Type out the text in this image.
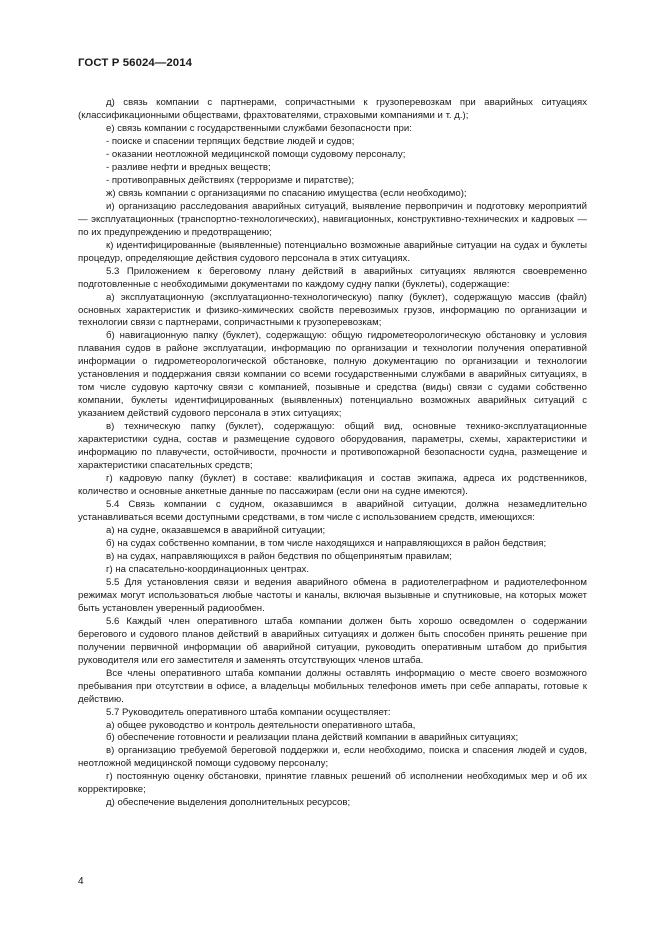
ГОСТ Р 56024—2014

д) связь компании с партнерами, сопричастными к грузоперевозкам при аварийных ситуациях (классификационными обществами, фрахтователями, страховыми компаниями и т. д.);

е) связь компании с государственными службами безопасности при:

- поиске и спасении терпящих бедствие людей и судов;

- оказании неотложной медицинской помощи судовому персоналу;

- разливе нефти и вредных веществ;

- противоправных действиях (терроризме и пиратстве);

ж) связь компании с организациями по спасанию имущества (если необходимо);

и) организацию расследования аварийных ситуаций, выявление первопричин и подготовку мероприятий — эксплуатационных (транспортно-технологических), навигационных, конструктивно-технических и кадровых — по их предупреждению и предотвращению;

к) идентифицированные (выявленные) потенциально возможные аварийные ситуации на судах и буклеты процедур, определяющие действия судового персонала в этих ситуациях.

5.3 Приложением к береговому плану действий в аварийных ситуациях являются своевременно подготовленные с необходимыми документами по каждому судну папки (буклеты), содержащие:

а) эксплуатационную (эксплуатационно-технологическую) папку (буклет), содержащую массив (файл) основных характеристик и физико-химических свойств перевозимых грузов, информацию по организации и технологии связи с партнерами, сопричастными к грузоперевозкам;

б) навигационную папку (буклет), содержащую: общую гидрометеорологическую обстановку и условия плавания судов в районе эксплуатации, информацию по организации и технологии получения оперативной информации о гидрометеорологической обстановке, полную документацию по организации и технологии установления и поддержания связи компании со всеми государственными службами в аварийных ситуациях, в том числе судовую карточку связи с компанией, позывные и средства (виды) связи с судами собственно компании, буклеты идентифицированных (выявленных) потенциально возможных аварийных ситуаций с указанием действий судового персонала в этих ситуациях;

в) техническую папку (буклет), содержащую: общий вид, основные технико-эксплуатационные характеристики судна, состав и размещение судового оборудования, параметры, схемы, характеристики и информацию по плавучести, остойчивости, прочности и противопожарной безопасности судна, размещение и характеристики спасательных средств;

г) кадровую папку (буклет) в составе: квалификация и состав экипажа, адреса их родственников, количество и основные анкетные данные по пассажирам (если они на судне имеются).

5.4 Связь компании с судном, оказавшимся в аварийной ситуации, должна незамедлительно устанавливаться всеми доступными средствами, в том числе с использованием средств, имеющихся:

а) на судне, оказавшемся в аварийной ситуации;

б) на судах собственно компании, в том числе находящихся и направляющихся в район бедствия;

в) на судах, направляющихся в район бедствия по общепринятым правилам;

г) на спасательно-координационных центрах.

5.5 Для установления связи и ведения аварийного обмена в радиотелеграфном и радиотелефонном режимах могут использоваться любые частоты и каналы, включая вызывные и спутниковые, на которых может быть установлен уверенный радиообмен.

5.6 Каждый член оперативного штаба компании должен быть хорошо осведомлен о содержании берегового и судового планов действий в аварийных ситуациях и должен быть способен принять решение при получении первичной информации об аварийной ситуации, руководить оперативным штабом до прибытия руководителя или его заместителя и заменять отсутствующих членов штаба.

Все члены оперативного штаба компании должны оставлять информацию о месте своего возможного пребывания при отсутствии в офисе, а владельцы мобильных телефонов иметь при себе аппараты, готовые к действию.

5.7 Руководитель оперативного штаба компании осуществляет:

а) общее руководство и контроль деятельности оперативного штаба,

б) обеспечение готовности и реализации плана действий компании в аварийных ситуациях;

в) организацию требуемой береговой поддержки и, если необходимо, поиска и спасения людей и судов, неотложной медицинской помощи судовому персоналу;

г) постоянную оценку обстановки, принятие главных решений об исполнении необходимых мер и об их корректировке;

д) обеспечение выделения дополнительных ресурсов;

4
